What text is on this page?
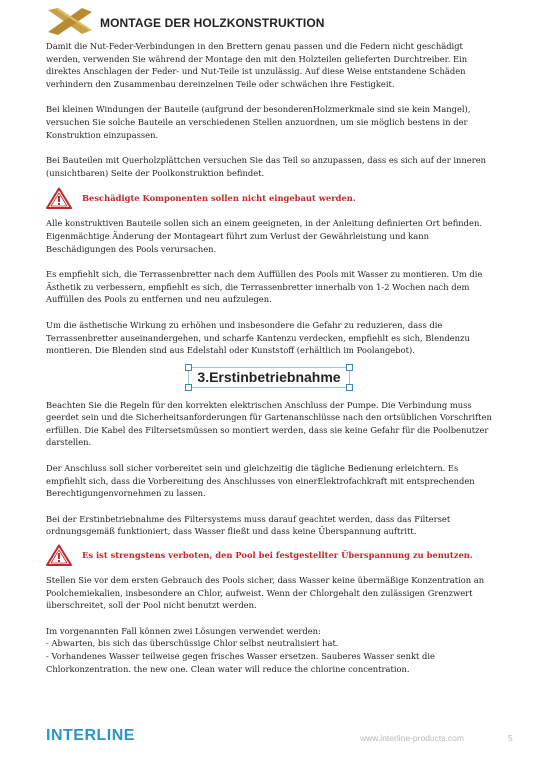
MONTAGE DER HOLZKONSTRUKTION

Damit die Nut-Feder-Verbindungen in den Brettern genau passen und die Federn nicht geschädigt werden, verwenden Sie während der Montage den mit den Holzteilen gelieferten Durchtreiber. Ein direktes Anschlagen der Feder- und Nut-Teile ist unzulässig. Auf diese Weise entstandene Schäden verhindern den Zusammenbau dereinzelnen Teile oder schwächen ihre Festigkeit.

Bei kleinen Windungen der Bauteile (aufgrund der besonderenHolzmerkmale sind sie kein Mangel), versuchen Sie solche Bauteile an verschiedenen Stellen anzuordnen, um sie möglich bestens in der Konstruktion einzupassen.

Bei Bauteilen mit Querholzplättchen versuchen Sie das Teil so anzupassen, dass es sich auf der inneren (unsichtbaren) Seite der Poolkonstruktion befindet.

Beschädigte Komponenten sollen nicht eingebaut werden.

Alle konstruktiven Bauteile sollen sich an einem geeigneten, in der Anleitung definierten Ort befinden. Eigenmächtige Änderung der Montageart führt zum Verlust der Gewährleistung und kann Beschädigungen des Pools verursachen.

Es empfiehlt sich, die Terrassenbretter nach dem Auffüllen des Pools mit Wasser zu montieren. Um die Ästhetik zu verbessern, empfiehlt es sich, die Terrassenbretter innerhalb von 1-2 Wochen nach dem Auffüllen des Pools zu entfernen und neu aufzulegen.

Um die ästhetische Wirkung zu erhöhen und insbesondere die Gefahr zu reduzieren, dass die Terrassenbretter auseinandergehen, und scharfe Kantenzu verdecken, empfiehlt es sich, Blendenzu montieren. Die Blenden sind aus Edelstahl oder Kunststoff (erhältlich im Poolangebot).

3.Erstinbetriebnahme

Beachten Sie die Regeln für den korrekten elektrischen Anschluss der Pumpe. Die Verbindung muss geerdet sein und die Sicherheitsanforderungen für Gartenanschlüsse nach den ortsüblichen Vorschriften erfüllen. Die Kabel des Filtersetsmüssen so montiert werden, dass sie keine Gefahr für die Poolbenutzer darstellen.

Der Anschluss soll sicher vorbereitet sein und gleichzeitig die tägliche Bedienung erleichtern. Es empfiehlt sich, dass die Vorbereitung des Anschlusses von einerElektrofachkraft mit entsprechenden Berechtigungenvornehmen zu lassen.

Bei der Erstinbetriebnahme des Filtersystems muss darauf geachtet werden, dass das Filterset ordnungsgemäß funktioniert, dass Wasser fließt und dass keine Überspannung auftritt.

Es ist strengstens verboten, den Pool bei festgestellter Überspannung zu benutzen.

Stellen Sie vor dem ersten Gebrauch des Pools sicher, dass Wasser keine übermäßige Konzentration an Poolchemiekalien, insbesondere an Chlor, aufweist. Wenn der Chlorgehalt den zulässigen Grenzwert überschreitet, soll der Pool nicht benutzt werden.

Im vorgenannten Fall können zwei Lösungen verwendet werden:
- Abwarten, bis sich das überschüssige Chlor selbst neutralisiert hat.
- Vorhandenes Wasser teilweise gegen frisches Wasser ersetzen. Sauberes Wasser senkt die Chlorkonzentration. the new one. Clean water will reduce the chlorine concentration.
INTERLINE	www.interline-products.com	5
